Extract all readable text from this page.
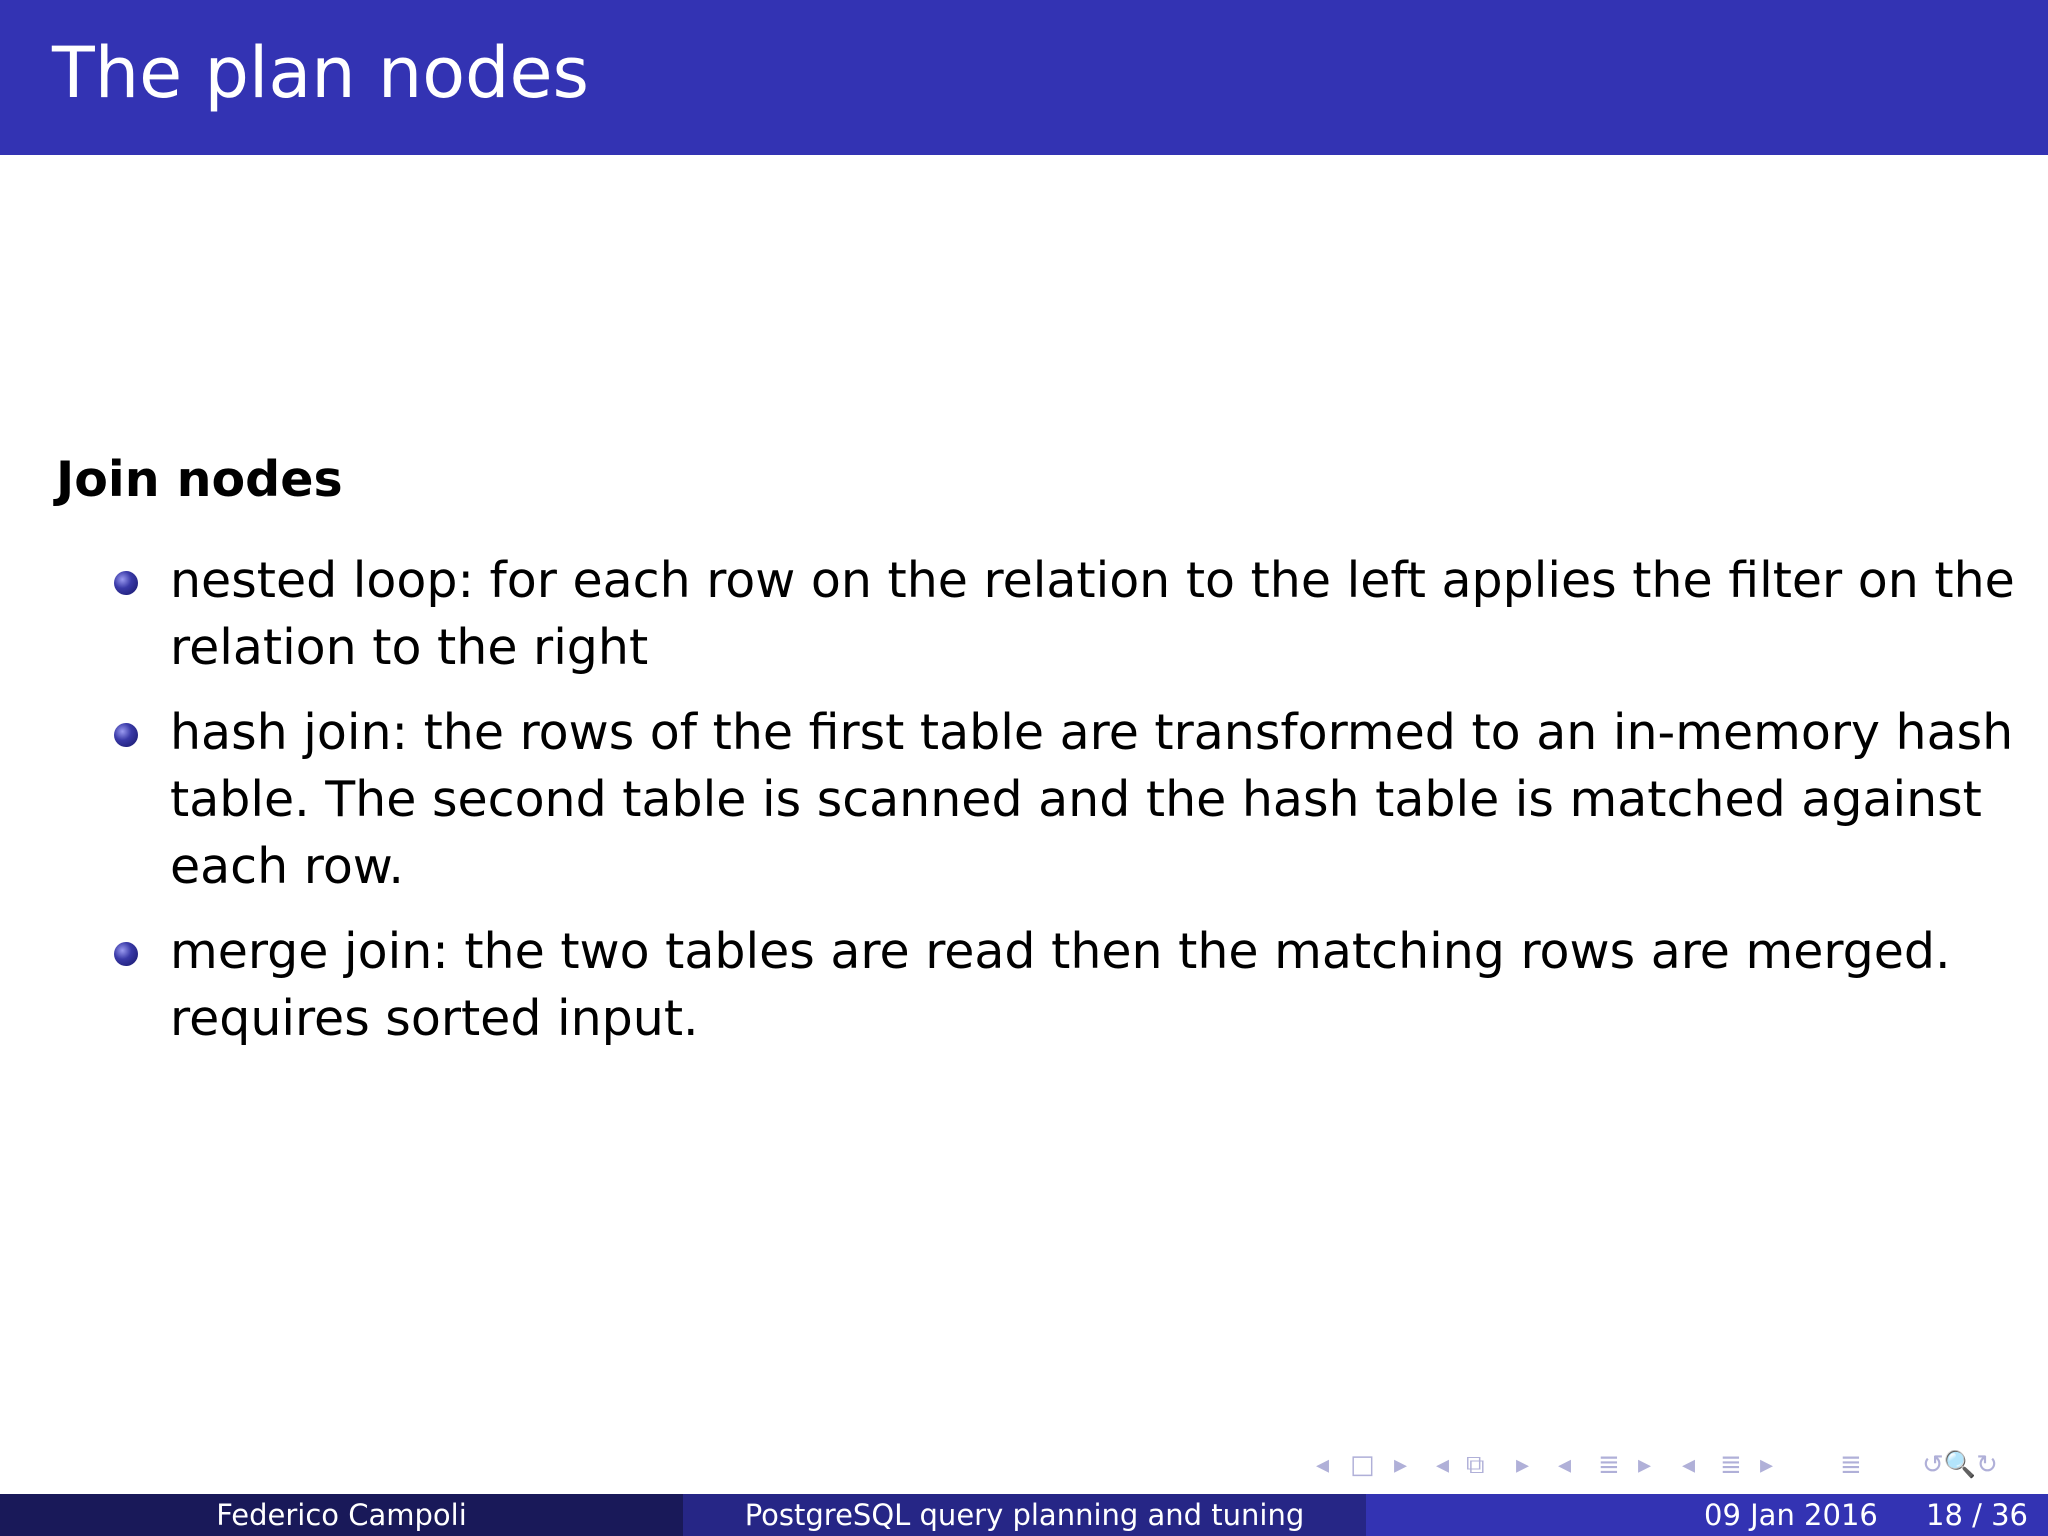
The plan nodes
Join nodes
nested loop: for each row on the relation to the left applies the filter on the
relation to the right
hash join: the rows of the first table are transformed to an in-memory hash
table. The second table is scanned and the hash table is matched against
each row.
merge join: the two tables are read then the matching rows are merged.
requires sorted input.
◂ □ ▸ ◂ ⧉ ▸ ◂ ≣ ▸ ◂ ≣ ▸	≣ ↺🔍↻
Federico Campoli	PostgreSQL query planning and tuning	09 Jan 2016 18 / 36
